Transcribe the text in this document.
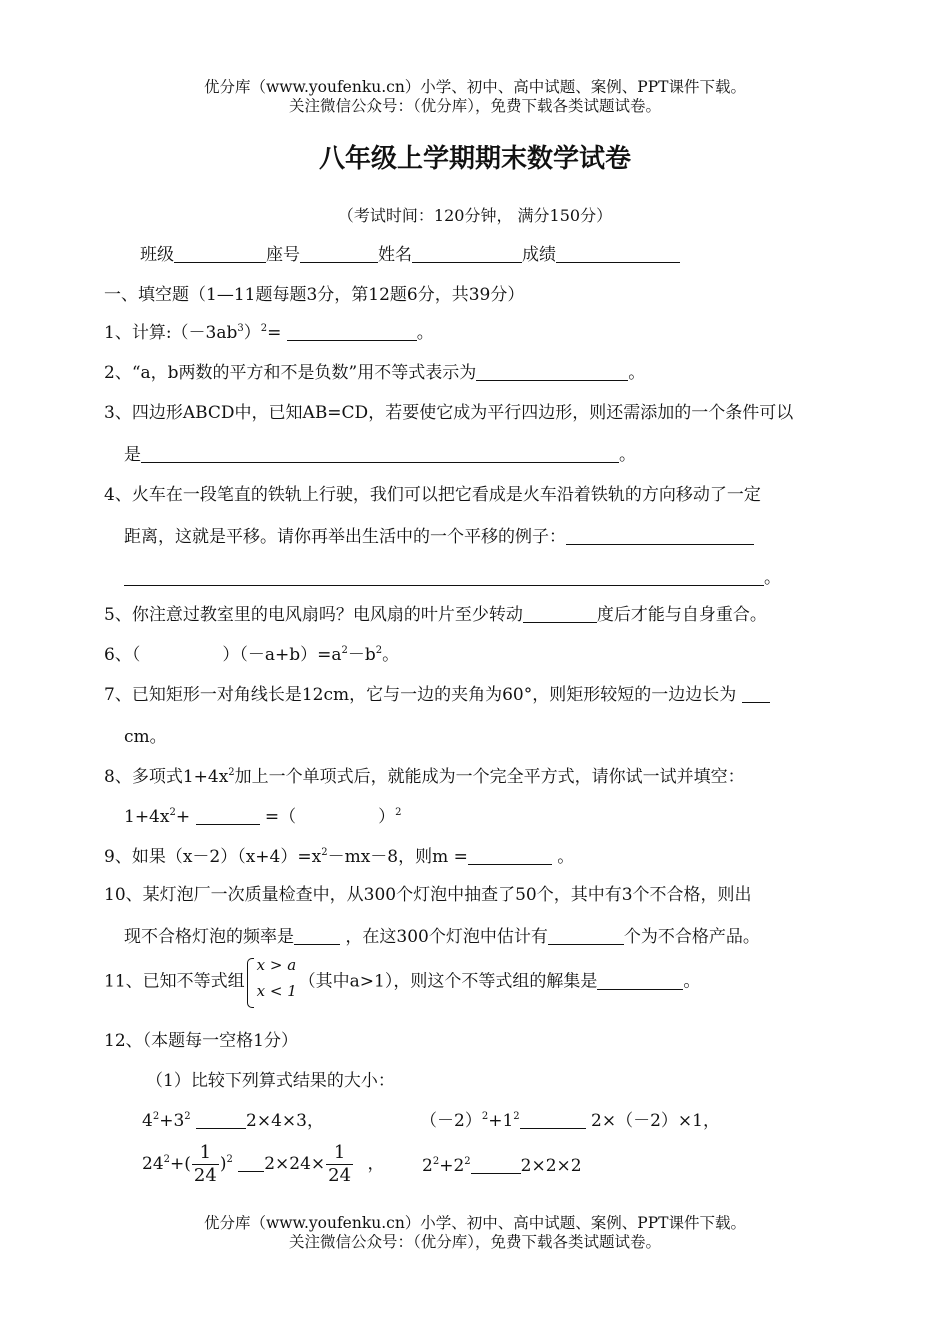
优分库（www.youfenku.cn）小学、初中、高中试题、案例、PPT课件下载。
关注微信公众号：（优分库），免费下载各类试题试卷。
八年级上学期期末数学试卷
（考试时间：120分钟， 满分150分）
班级	座号	姓名	成绩
一、填空题（1—11题每题3分，第12题6分，共39分）
1、计算$:(-3ab^3)^2=$	。
2、“a，b两数的平方和不是负数”用不等式表示为	。
3、四边形ABCD中，已知AB=CD，若要使它成为平行四边形，则还需添加的一个条件可以
是	。
4、火车在一段笔直的铁轨上行驶，我们可以把它看成是火车沿着铁轨的方向移动了一定
距离，这就是平移。请你再举出生活中的一个平移的例子：
。
5、你注意过教室里的电风扇吗？电风扇的叶片至少转动	度后才能与自身重合。
6、（	）$(-a+b)=a^2-b^2$。
7、已知矩形一对角线长是12cm，它与一边的夹角为60°，则矩形较短的一边边长为
cm。
8、多项式$1+4x^2$加上一个单项式后，就能成为一个完全平方式，请你试一试并填空：
$1+4x^2+$	=（	）$^2$
9、如果$(x-2)(x+4)=x^2-mx-8$，则m =	。
10、某灯泡厂一次质量检查中，从300个灯泡中抽查了50个，其中有3个不合格，则出
现不合格灯泡的频率是	，在这300个灯泡中估计有	个为不合格产品。
11、已知不等式组
x > a
x < 1 （其中a>1），则这个不等式组的解集是	。
12、（本题每一空格1分）
（1）比较下列算式结果的大小：
$4^2+3^2$	2×4×3，	$(-2)^2+1^2$	2×（－2）×1，
$24^2+( \frac{1}{24} )^2$ $2\times 24\times \frac{1}{24}$ ， $2^2+2^2$	2×2×2
优分库（www.youfenku.cn）小学、初中、高中试题、案例、PPT课件下载。
关注微信公众号：（优分库），免费下载各类试题试卷。
